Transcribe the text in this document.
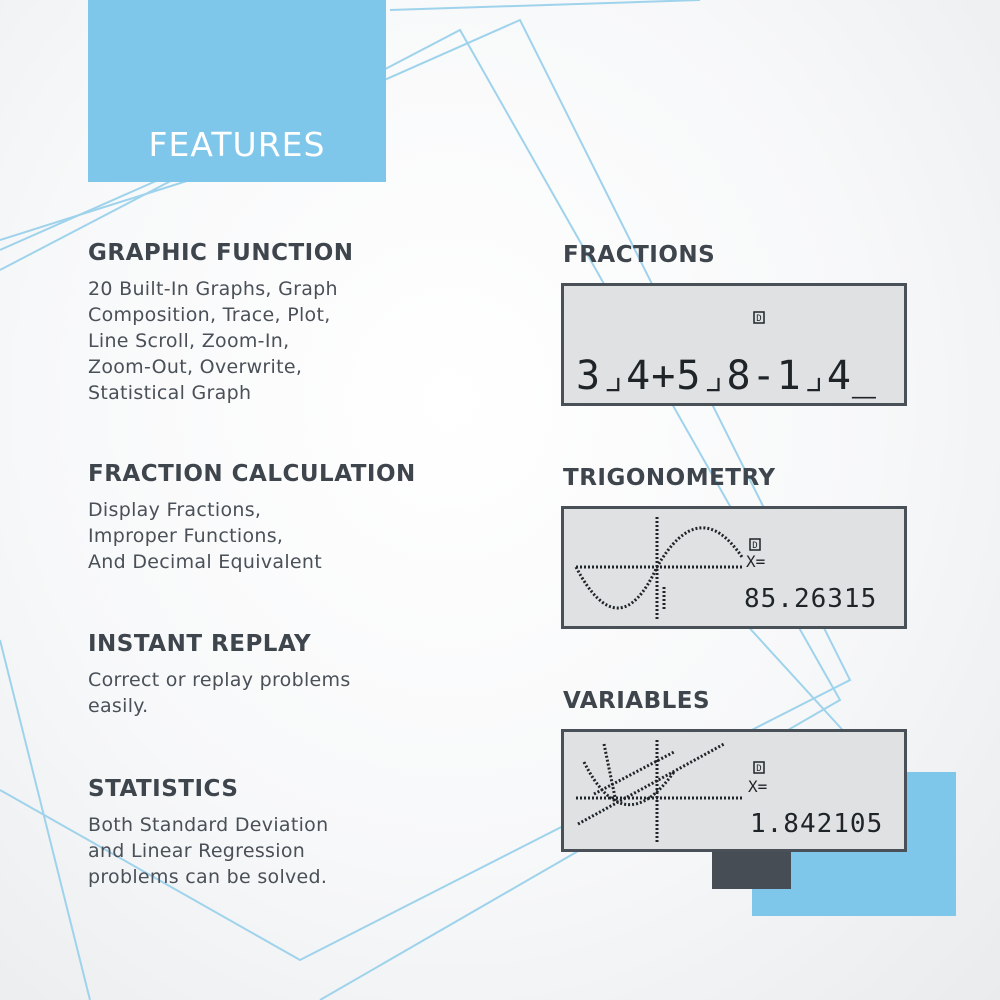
FEATURES
GRAPHIC FUNCTION

20 Built-In Graphs, Graph
Composition, Trace, Plot,
Line Scroll, Zoom-In,
Zoom-Out, Overwrite,
Statistical Graph

FRACTION CALCULATION

Display Fractions,
Improper Functions,
And Decimal Equivalent

INSTANT REPLAY

Correct or replay problems
easily.

STATISTICS

Both Standard Deviation
and Linear Regression
problems can be solved.

FRACTIONS
D
3⌟4+5⌟8-1⌟4_
TRIGONOMETRY
D
X=
85.26315
VARIABLES
D
X=
1.842105
